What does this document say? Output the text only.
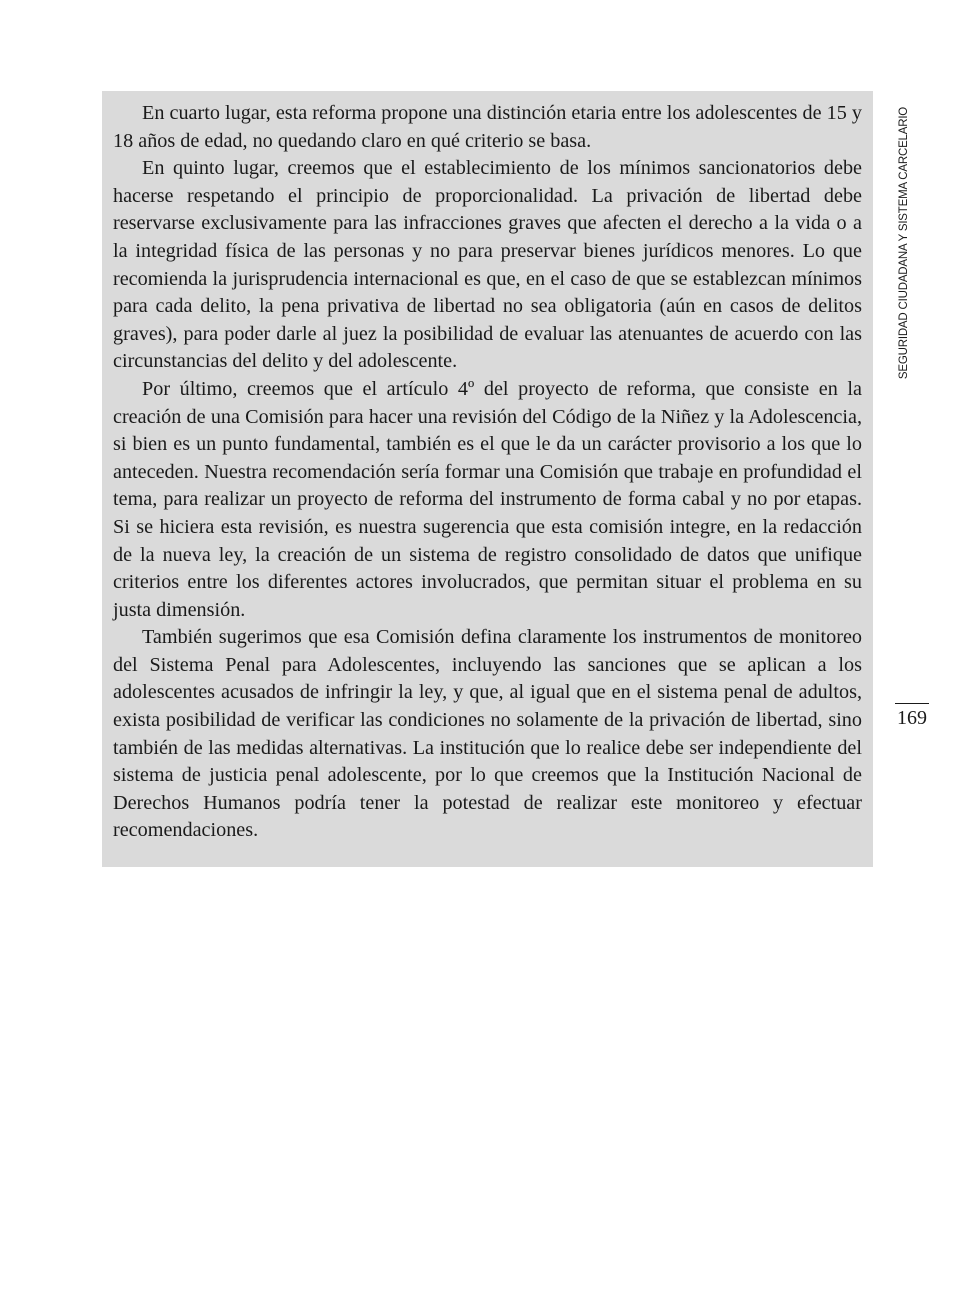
En cuarto lugar, esta reforma propone una distinción etaria entre los adolescentes de 15 y 18 años de edad, no quedando claro en qué criterio se basa.

En quinto lugar, creemos que el establecimiento de los mínimos sancionatorios debe hacerse respetando el principio de proporcionalidad. La privación de libertad debe reservarse exclusivamente para las infracciones graves que afecten el derecho a la vida o a la integridad física de las personas y no para preservar bienes jurídicos menores. Lo que recomienda la jurisprudencia internacional es que, en el caso de que se establezcan mínimos para cada delito, la pena privativa de libertad no sea obligatoria (aún en casos de delitos graves), para poder darle al juez la posibilidad de evaluar las atenuantes de acuerdo con las circunstancias del delito y del adolescente.

Por último, creemos que el artículo 4º del proyecto de reforma, que consiste en la creación de una Comisión para hacer una revisión del Código de la Niñez y la Adolescencia, si bien es un punto fundamental, también es el que le da un carácter provisorio a los que lo anteceden. Nuestra recomendación sería formar una Comisión que trabaje en profundidad el tema, para realizar un proyecto de reforma del instrumento de forma cabal y no por etapas. Si se hiciera esta revisión, es nuestra sugerencia que esta comisión integre, en la redacción de la nueva ley, la creación de un sistema de registro consolidado de datos que unifique criterios entre los diferentes actores involucrados, que permitan situar el problema en su justa dimensión.

También sugerimos que esa Comisión defina claramente los instrumentos de monitoreo del Sistema Penal para Adolescentes, incluyendo las sanciones que se aplican a los adolescentes acusados de infringir la ley, y que, al igual que en el sistema penal de adultos, exista posibilidad de verificar las condiciones no solamente de la privación de libertad, sino también de las medidas alternativas. La institución que lo realice debe ser independiente del sistema de justicia penal adolescente, por lo que creemos que la Institución Nacional de Derechos Humanos podría tener la potestad de realizar este monitoreo y efectuar recomendaciones.

SEGURIDAD CIUDADANA Y SISTEMA CARCELARIO
169
